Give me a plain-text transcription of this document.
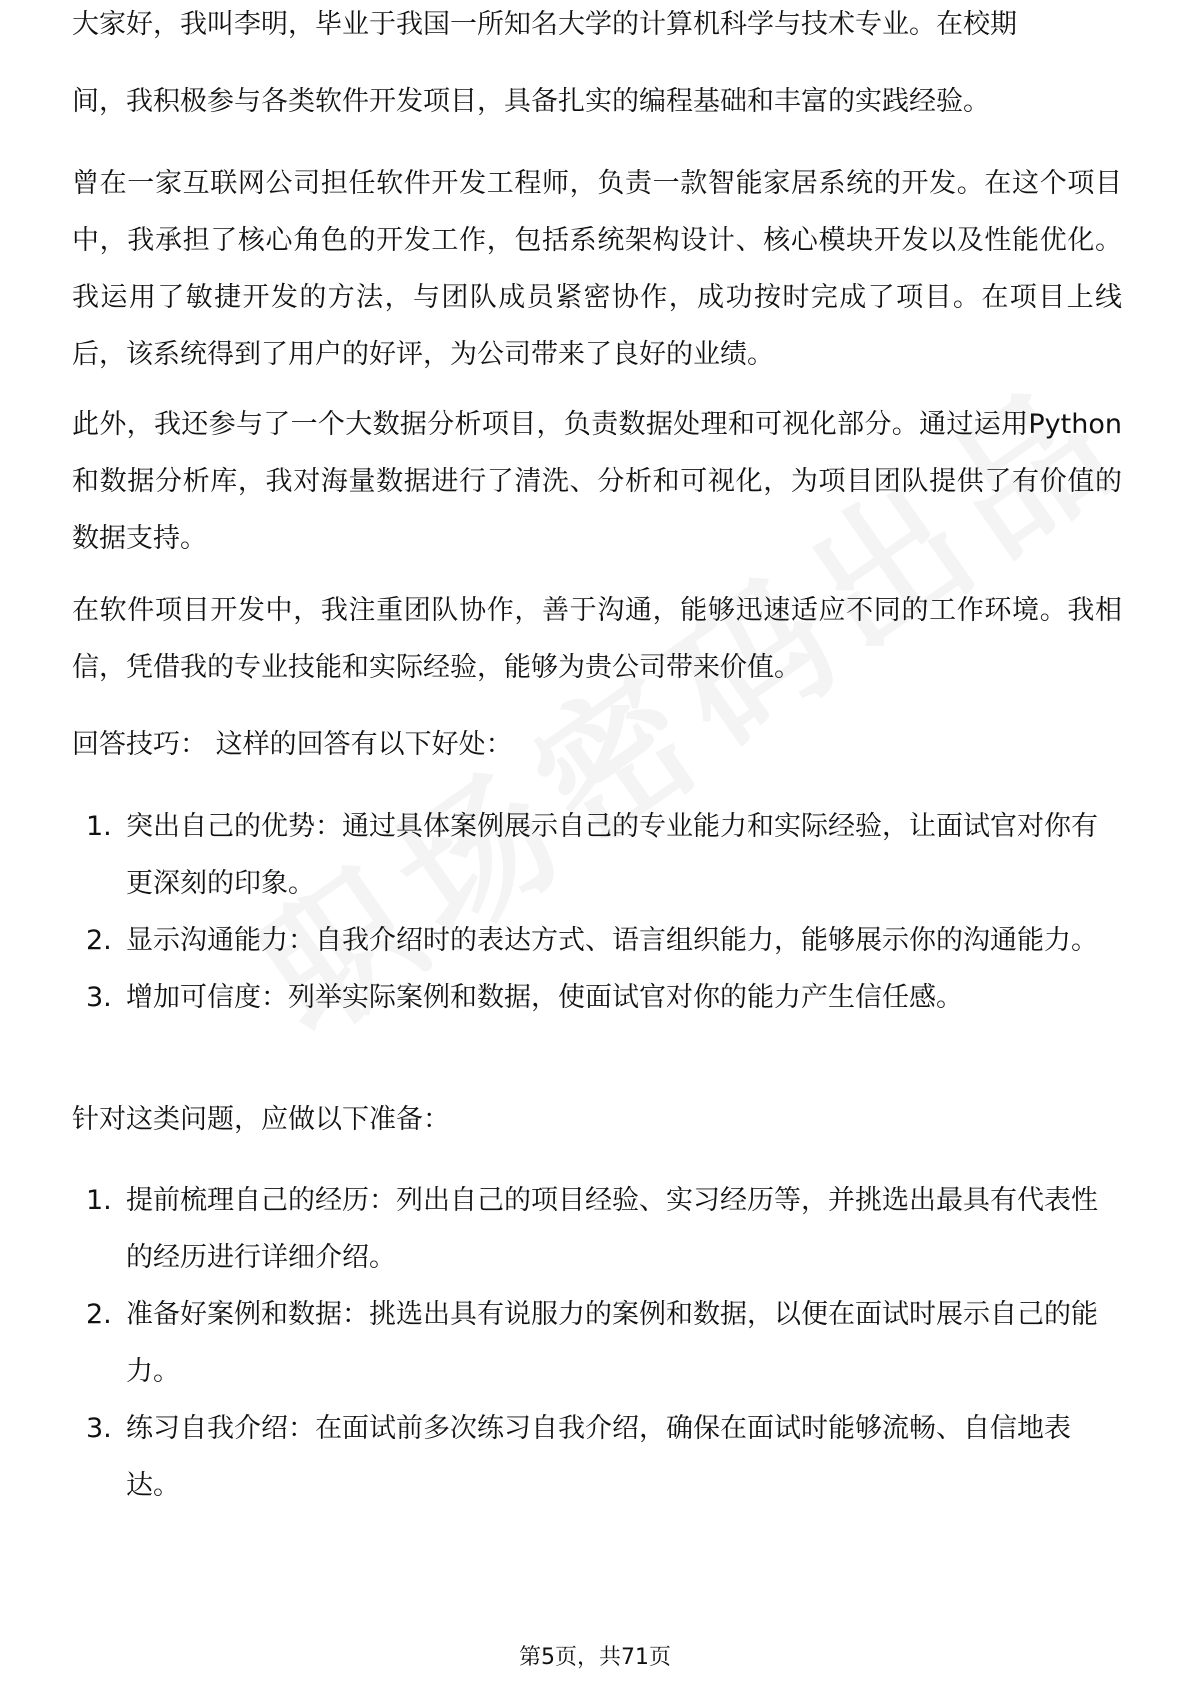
大家好，我叫李明，毕业于我国一所知名大学的计算机科学与技术专业。在校期

间，我积极参与各类软件开发项目，具备扎实的编程基础和丰富的实践经验。

曾在一家互联网公司担任软件开发工程师，负责一款智能家居系统的开发。在这个项目中，我承担了核心角色的开发工作，包括系统架构设计、核心模块开发以及性能优化。我运用了敏捷开发的方法，与团队成员紧密协作，成功按时完成了项目。在项目上线后，该系统得到了用户的好评，为公司带来了良好的业绩。

此外，我还参与了一个大数据分析项目，负责数据处理和可视化部分。通过运用Python和数据分析库，我对海量数据进行了清洗、分析和可视化，为项目团队提供了有价值的数据支持。

在软件项目开发中，我注重团队协作，善于沟通，能够迅速适应不同的工作环境。我相信，凭借我的专业技能和实际经验，能够为贵公司带来价值。

回答技巧： 这样的回答有以下好处：

1. 突出自己的优势：通过具体案例展示自己的专业能力和实际经验，让面试官对你有更深刻的印象。
2. 显示沟通能力：自我介绍时的表达方式、语言组织能力，能够展示你的沟通能力。
3. 增加可信度：列举实际案例和数据，使面试官对你的能力产生信任感。

针对这类问题，应做以下准备：

1. 提前梳理自己的经历：列出自己的项目经验、实习经历等，并挑选出最具有代表性的经历进行详细介绍。
2. 准备好案例和数据：挑选出具有说服力的案例和数据，以便在面试时展示自己的能力。
3. 练习自我介绍：在面试前多次练习自我介绍，确保在面试时能够流畅、自信地表达。
第5页，共71页
